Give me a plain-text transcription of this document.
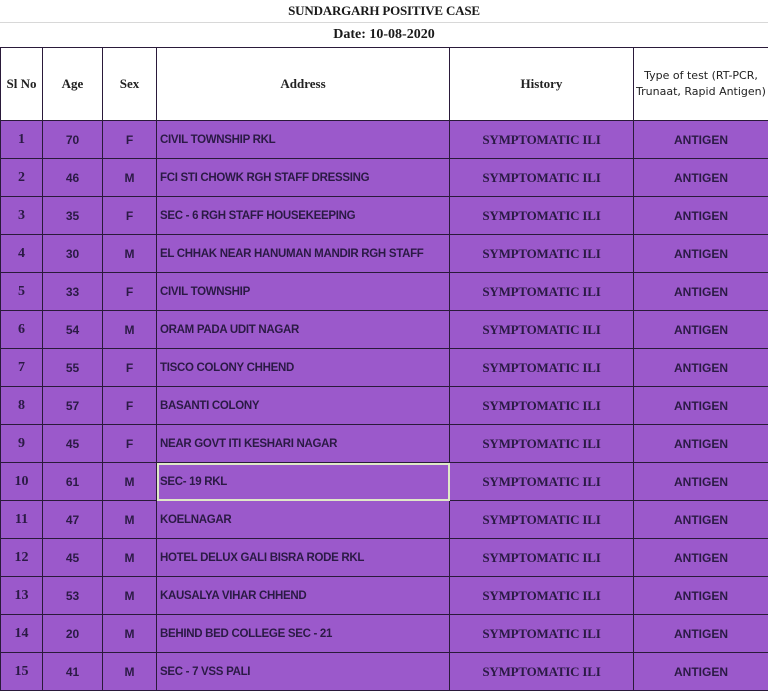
SUNDARGARH POSITIVE CASE
Date: 10-08-2020
Sl No	Age	Sex	Address	History	Type of test (RT-PCR, Trunaat, Rapid Antigen)
1	70	F	CIVIL TOWNSHIP RKL	SYMPTOMATIC ILI	ANTIGEN
2	46	M	FCI STI CHOWK RGH STAFF DRESSING	SYMPTOMATIC ILI	ANTIGEN
3	35	F	SEC - 6 RGH STAFF HOUSEKEEPING	SYMPTOMATIC ILI	ANTIGEN
4	30	M	EL CHHAK NEAR HANUMAN MANDIR RGH STAFF	SYMPTOMATIC ILI	ANTIGEN
5	33	F	CIVIL TOWNSHIP	SYMPTOMATIC ILI	ANTIGEN
6	54	M	ORAM PADA UDIT NAGAR	SYMPTOMATIC ILI	ANTIGEN
7	55	F	TISCO COLONY CHHEND	SYMPTOMATIC ILI	ANTIGEN
8	57	F	BASANTI COLONY	SYMPTOMATIC ILI	ANTIGEN
9	45	F	NEAR GOVT ITI KESHARI NAGAR	SYMPTOMATIC ILI	ANTIGEN
10	61	M	SEC- 19 RKL	SYMPTOMATIC ILI	ANTIGEN
11	47	M	KOELNAGAR	SYMPTOMATIC ILI	ANTIGEN
12	45	M	HOTEL DELUX GALI BISRA RODE RKL	SYMPTOMATIC ILI	ANTIGEN
13	53	M	KAUSALYA VIHAR CHHEND	SYMPTOMATIC ILI	ANTIGEN
14	20	M	BEHIND BED COLLEGE SEC - 21	SYMPTOMATIC ILI	ANTIGEN
15	41	M	SEC - 7 VSS PALI	SYMPTOMATIC ILI	ANTIGEN
